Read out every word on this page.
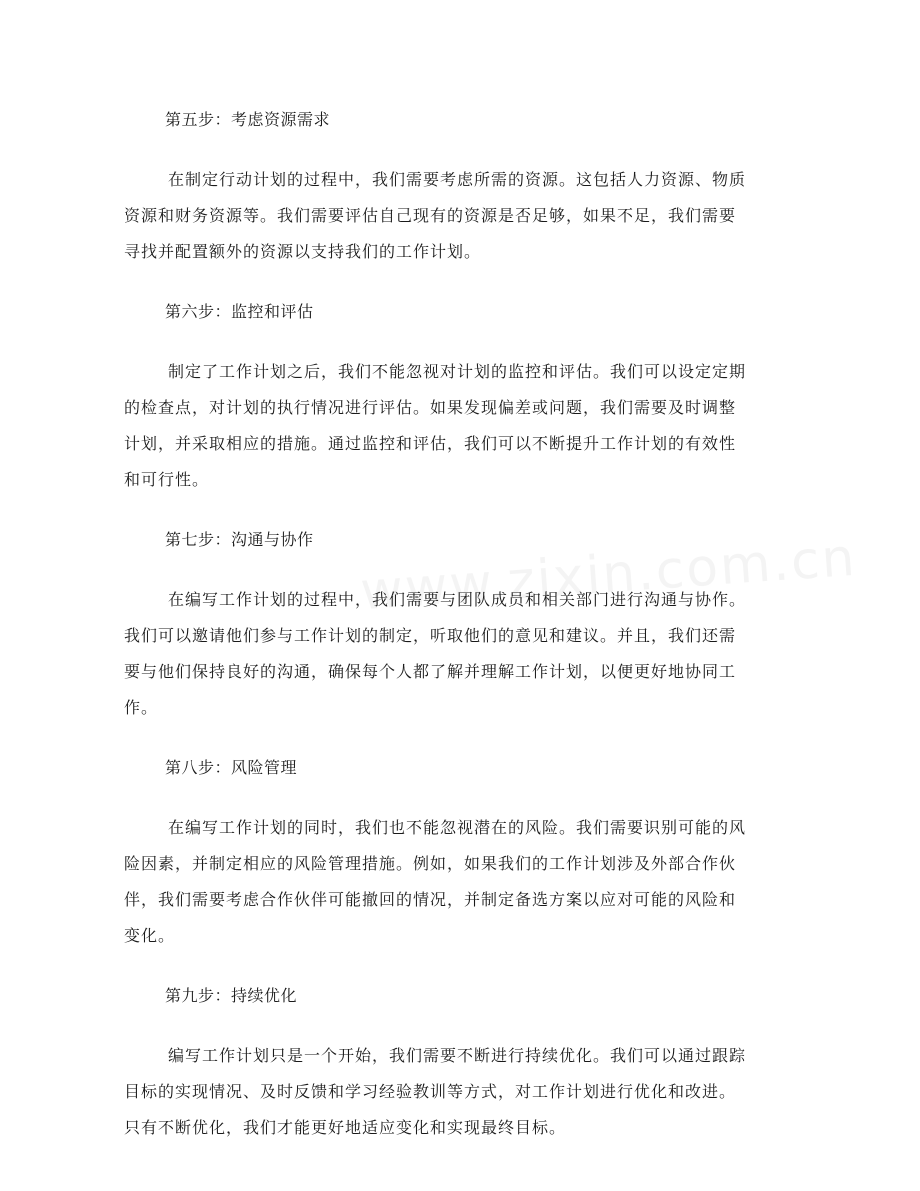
第五步：考虑资源需求

在制定行动计划的过程中，我们需要考虑所需的资源。这包括人力资源、物质
资源和财务资源等。我们需要评估自己现有的资源是否足够，如果不足，我们需要
寻找并配置额外的资源以支持我们的工作计划。

第六步：监控和评估

制定了工作计划之后，我们不能忽视对计划的监控和评估。我们可以设定定期
的检查点，对计划的执行情况进行评估。如果发现偏差或问题，我们需要及时调整
计划，并采取相应的措施。通过监控和评估，我们可以不断提升工作计划的有效性
和可行性。

第七步：沟通与协作

在编写工作计划的过程中，我们需要与团队成员和相关部门进行沟通与协作。
我们可以邀请他们参与工作计划的制定，听取他们的意见和建议。并且，我们还需
要与他们保持良好的沟通，确保每个人都了解并理解工作计划，以便更好地协同工
作。

第八步：风险管理

在编写工作计划的同时，我们也不能忽视潜在的风险。我们需要识别可能的风
险因素，并制定相应的风险管理措施。例如，如果我们的工作计划涉及外部合作伙
伴，我们需要考虑合作伙伴可能撤回的情况，并制定备选方案以应对可能的风险和
变化。

第九步：持续优化

编写工作计划只是一个开始，我们需要不断进行持续优化。我们可以通过跟踪
目标的实现情况、及时反馈和学习经验教训等方式，对工作计划进行优化和改进。
只有不断优化，我们才能更好地适应变化和实现最终目标。
